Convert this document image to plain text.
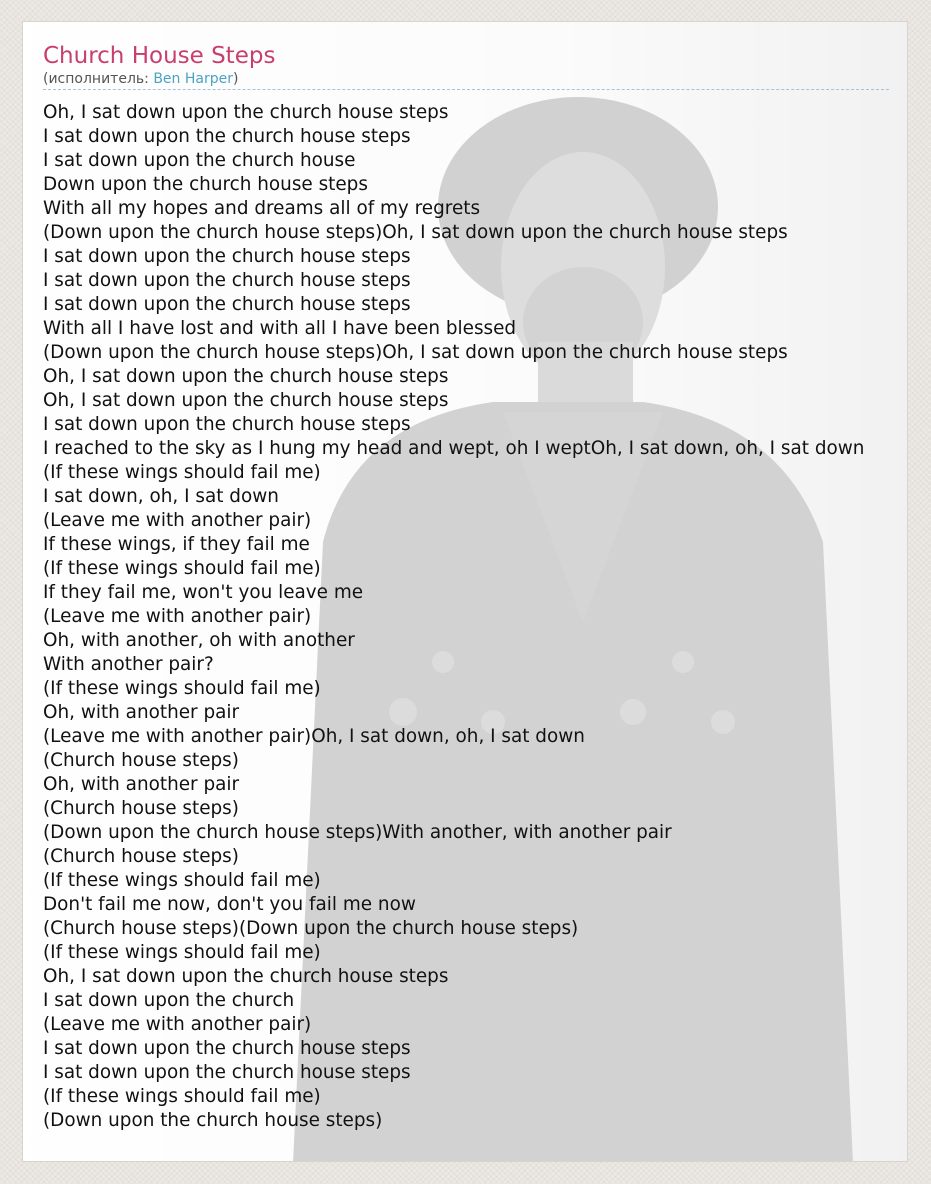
Church House Steps
(исполнитель: Ben Harper)
Oh, I sat down upon the church house steps
I sat down upon the church house steps
I sat down upon the church house
Down upon the church house steps
With all my hopes and dreams all of my regrets
(Down upon the church house steps)Oh, I sat down upon the church house steps
I sat down upon the church house steps
I sat down upon the church house steps
I sat down upon the church house steps
With all I have lost and with all I have been blessed
(Down upon the church house steps)Oh, I sat down upon the church house steps
Oh, I sat down upon the church house steps
Oh, I sat down upon the church house steps
I sat down upon the church house steps
I reached to the sky as I hung my head and wept, oh I weptOh, I sat down, oh, I sat down
(If these wings should fail me)
I sat down, oh, I sat down
(Leave me with another pair)
If these wings, if they fail me
(If these wings should fail me)
If they fail me, won't you leave me
(Leave me with another pair)
Oh, with another, oh with another
With another pair?
(If these wings should fail me)
Oh, with another pair
(Leave me with another pair)Oh, I sat down, oh, I sat down
(Church house steps)
Oh, with another pair
(Church house steps)
(Down upon the church house steps)With another, with another pair
(Church house steps)
(If these wings should fail me)
Don't fail me now, don't you fail me now
(Church house steps)(Down upon the church house steps)
(If these wings should fail me)
Oh, I sat down upon the church house steps
I sat down upon the church
(Leave me with another pair)
I sat down upon the church house steps
I sat down upon the church house steps
(If these wings should fail me)
(Down upon the church house steps)
